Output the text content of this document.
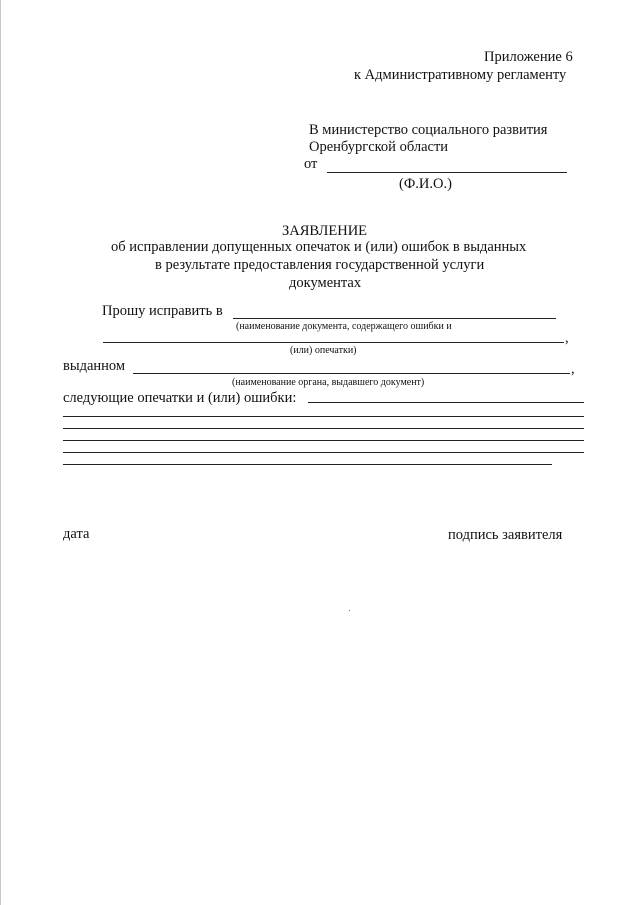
Приложение 6
к Административному регламенту
В министерство социального развития
Оренбургской области
от
(Ф.И.О.)
ЗАЯВЛЕНИЕ
об исправлении допущенных опечаток и (или) ошибок в выданных
в результате предоставления государственной услуги
документах
Прошу исправить в
(наименование документа, содержащего ошибки и
,
(или) опечатки)
выданном	,
(наименование органа, выдавшего документ)
следующие опечатки и (или) ошибки:
дата	подпись заявителя
